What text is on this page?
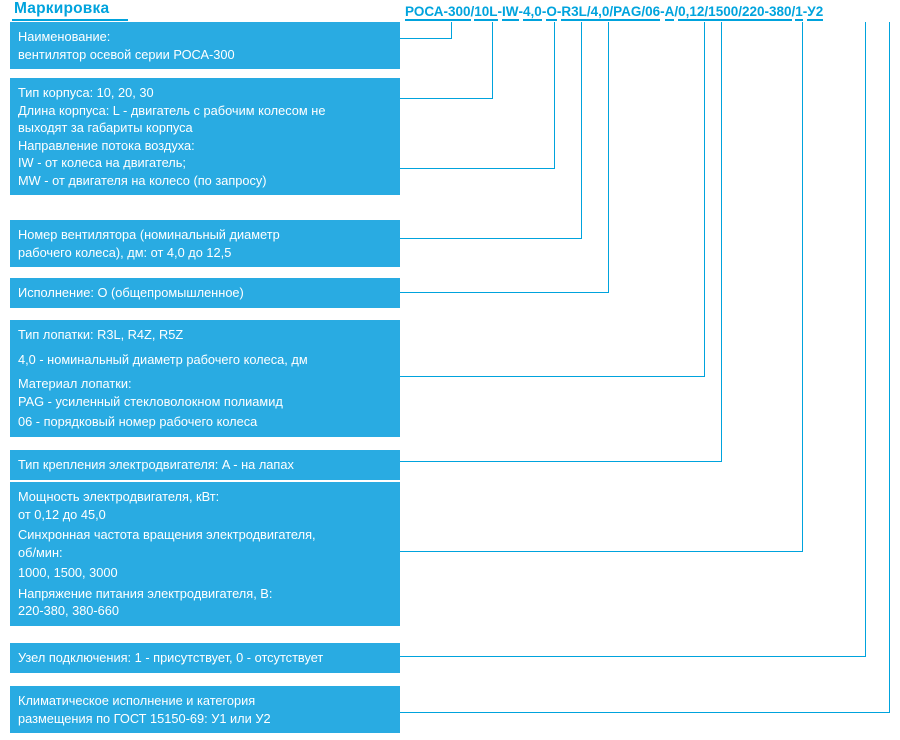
Маркировка	РОСА-300/10L-IW-4,0-O-R3L/4,0/PAG/06-A/0,12/1500/220-380/1-У2
Наименование:
вентилятор осевой серии РОСА-300
Тип корпуса: 10, 20, 30
Длина корпуса: L - двигатель с рабочим колесом не
выходят за габариты корпуса
Направление потока воздуха:
IW - от колеса на двигатель;
MW - от двигателя на колесо (по запросу)
Номер вентилятора (номинальный диаметр
рабочего колеса), дм: от 4,0 до 12,5
Исполнение: O (общепромышленное)
Тип лопатки: R3L, R4Z, R5Z
4,0 - номинальный диаметр рабочего колеса, дм
Материал лопатки:
PAG - усиленный стекловолокном полиамид
06 - порядковый номер рабочего колеса
Тип крепления электродвигателя: A - на лапах
Мощность электродвигателя, кВт:
от 0,12 до 45,0
Синхронная частота вращения электродвигателя,
об/мин:
1000, 1500, 3000
Напряжение питания электродвигателя, В:
220-380, 380-660
Узел подключения: 1 - присутствует, 0 - отсутствует
Климатическое исполнение и категория
размещения по ГОСТ 15150-69: У1 или У2
